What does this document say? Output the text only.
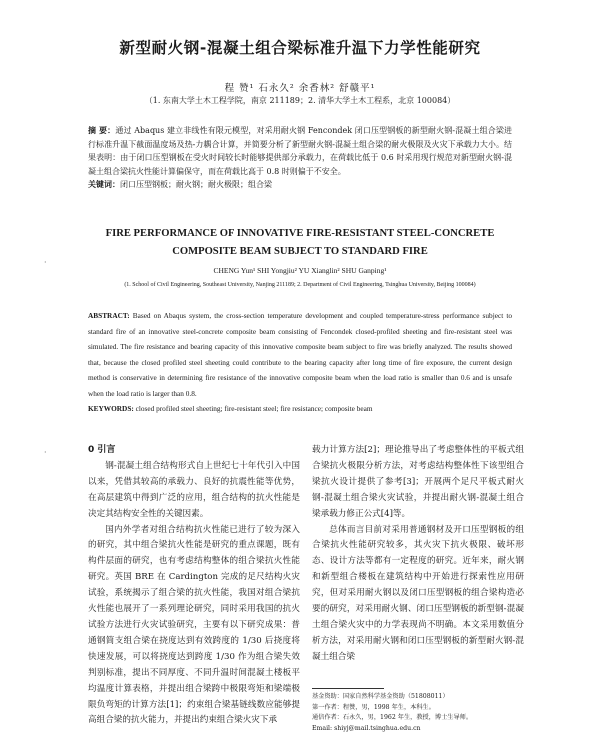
新型耐火钢-混凝土组合梁标准升温下力学性能研究
程 赞¹ 石永久² 余香林² 舒赣平¹
（1. 东南大学土木工程学院，南京 211189；2. 清华大学土木工程系，北京 100084）
摘 要：通过 Abaqus 建立非线性有限元模型，对采用耐火钢 Fencondek 闭口压型钢板的新型耐火钢-混凝土组合梁进行标准升温下截面温度场及热-力耦合计算，并简要分析了新型耐火钢-混凝土组合梁的耐火极限及火灾下承载力大小。结果表明：由于闭口压型钢板在受火时间较长时能够提供部分承载力，在荷载比低于 0.6 时采用现行规范对新型耐火钢-混凝土组合梁抗火性能计算偏保守，而在荷载比高于 0.8 时则偏于不安全。
关键词：闭口压型钢板；耐火钢；耐火极限；组合梁
·
·
FIRE PERFORMANCE OF INNOVATIVE FIRE-RESISTANT STEEL-CONCRETE
COMPOSITE BEAM SUBJECT TO STANDARD FIRE
CHENG Yun¹ SHI Yongjiu² YU Xianglin² SHU Ganping¹
(1. School of Civil Engineering, Southeast University, Nanjing 211189; 2. Department of Civil Engineering, Tsinghua University, Beijing 100084)
ABSTRACT: Based on Abaqus system, the cross-section temperature development and coupled temperature-stress performance subject to standard fire of an innovative steel-concrete composite beam consisting of Fencondek closed-profiled sheeting and fire-resistant steel was simulated. The fire resistance and bearing capacity of this innovative composite beam subject to fire was briefly analyzed. The results showed that, because the closed profiled steel sheeting could contribute to the bearing capacity after long time of fire exposure, the current design method is conservative in determining fire resistance of the innovative composite beam when the load ratio is smaller than 0.6 and is unsafe when the load ratio is larger than 0.8.
KEYWORDS: closed profiled steel sheeting; fire-resistant steel; fire resistance; composite beam
0 引言

钢-混凝土组合结构形式自上世纪七十年代引入中国以来，凭借其较高的承载力、良好的抗震性能等优势，在高层建筑中得到广泛的应用，组合结构的抗火性能是决定其结构安全性的关键因素。

国内外学者对组合结构抗火性能已进行了较为深入的研究，其中组合梁抗火性能是研究的重点课题，既有构件层面的研究，也有考虑结构整体的组合梁抗火性能研究。英国 BRE 在 Cardington 完成的足尺结构火灾试验，系统揭示了组合梁的抗火性能，我国对组合梁抗火性能也展开了一系列理论研究，同时采用我国的抗火试验方法进行火灾试验研究，主要有以下研究成果：普通钢简支组合梁在挠度达到有效跨度的 1/30 后挠度将快速发展，可以将挠度达到跨度 1/30 作为组合梁失效判别标准，提出不同厚度、不同升温时间混凝土楼板平均温度计算表格，并提出组合梁跨中极限弯矩和梁端极限负弯矩的计算方法[1]；约束组合梁基链线数应能够提高组合梁的抗火能力，并提出约束组合梁火灾下承

载力计算方法[2]；理论推导出了考虑整体性的平板式组合梁抗火极限分析方法，对考虑结构整体性下该型组合梁抗火设计提供了参考[3]；开展两个足尺平板式耐火钢-混凝土组合梁火灾试验，并提出耐火钢-混凝土组合梁承载力修正公式[4]等。

总体而言目前对采用普通钢材及开口压型钢板的组合梁抗火性能研究较多，其火灾下抗火极限、破坏形态、设计方法等都有一定程度的研究。近年来，耐火钢和新型组合楼板在建筑结构中开始进行探索性应用研究，但对采用耐火钢以及闭口压型钢板的组合梁构造必要的研究，对采用耐火钢、闭口压型钢板的新型钢-混凝土组合梁火灾中的力学表现尚不明确。本文采用数值分析方法，对采用耐火钢和闭口压型钢板的新型耐火钢-混凝土组合梁

基金资助：国家自然科学基金资助（51808011）
第一作者：程赞，男，1998 年生，本科生。
通信作者：石永久，男，1962 年生，教授，博士生导师。
Email: shiyj@mail.tsinghua.edu.cn
